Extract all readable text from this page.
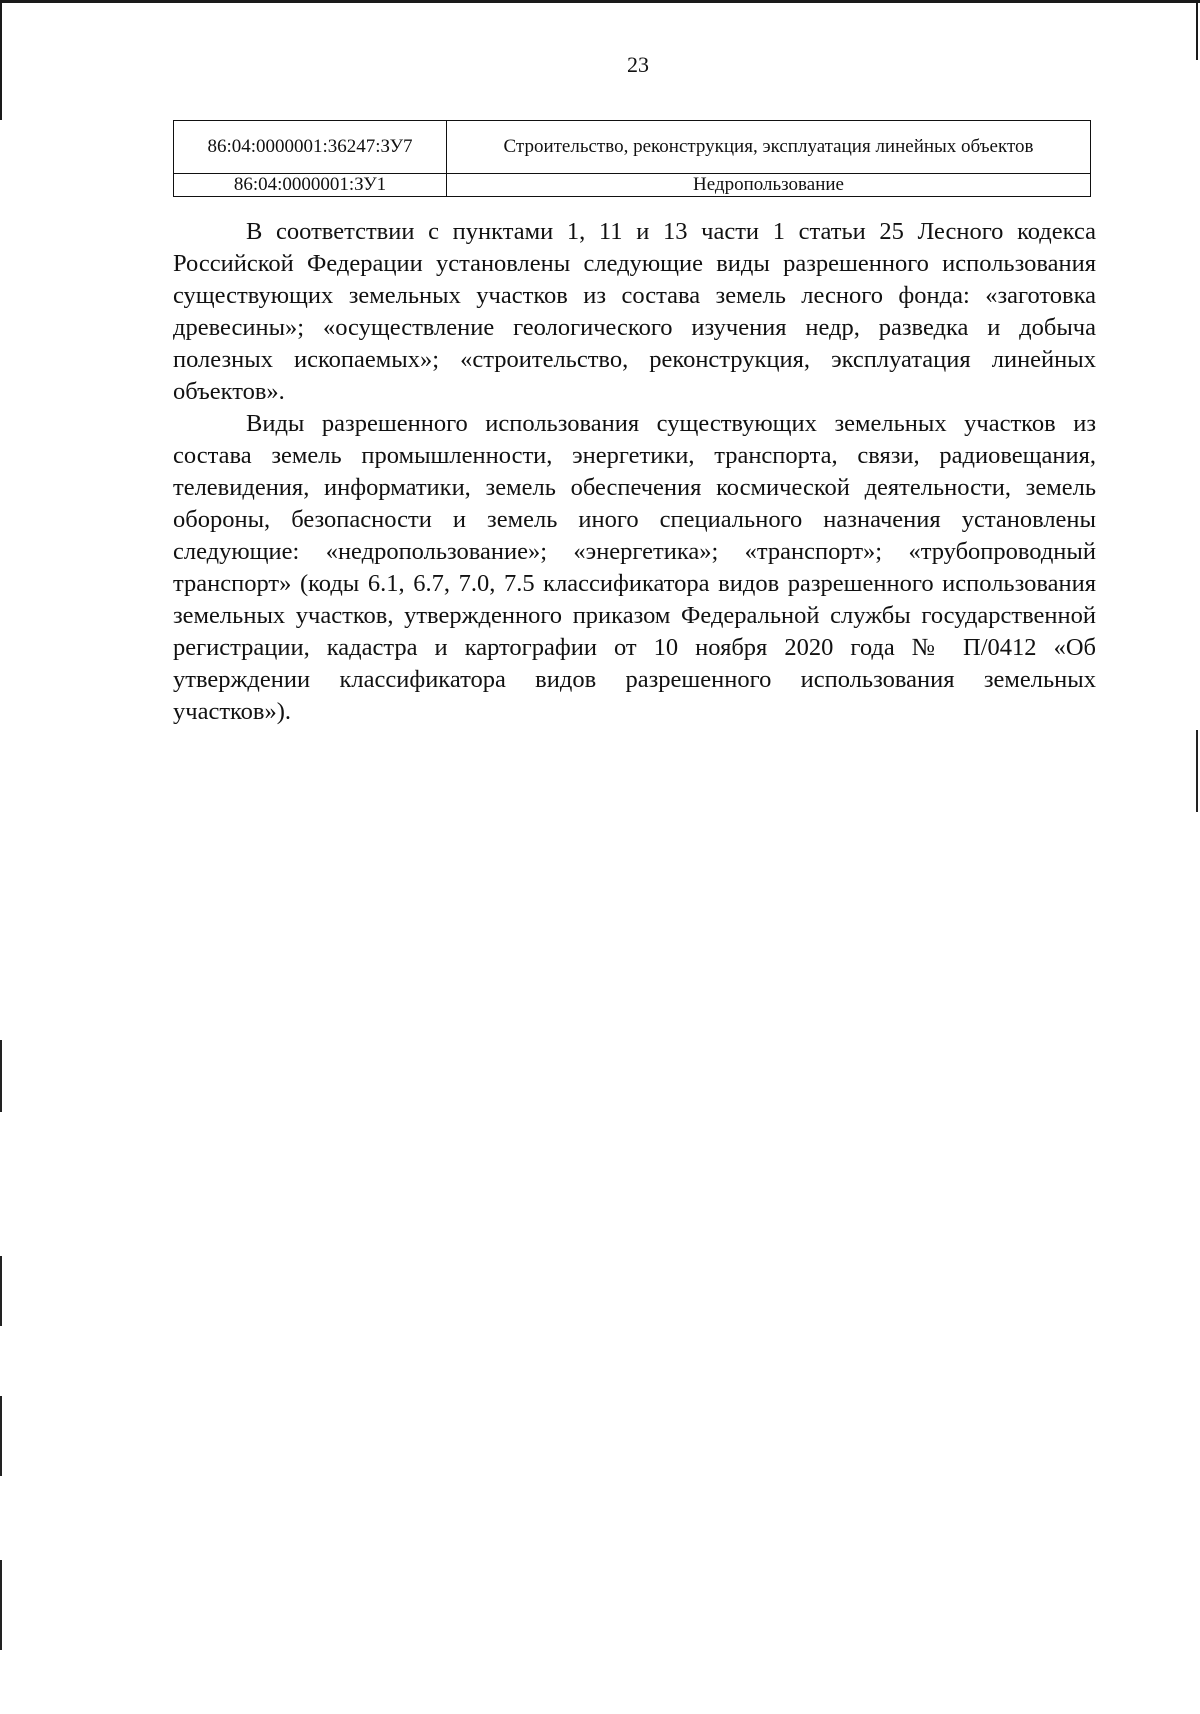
23
86:04:0000001:36247:ЗУ7	Строительство, реконструкция, эксплуатация линейных объектов
86:04:0000001:ЗУ1	Недропользование

В соответствии с пунктами 1, 11 и 13 части 1 статьи 25 Лесного кодекса Российской Федерации установлены следующие виды разрешенного использования существующих земельных участков из состава земель лесного фонда: «заготовка древесины»; «осуществление геологического изучения недр, разведка и добыча полезных ископаемых»; «строительство, реконструкция, эксплуатация линейных объектов».

Виды разрешенного использования существующих земельных участков из состава земель промышленности, энергетики, транспорта, связи, радиовещания, телевидения, информатики, земель обеспечения космической деятельности, земель обороны, безопасности и земель иного специального назначения установлены следующие: «недропользование»; «энергетика»; «транспорт»; «трубопроводный транспорт» (коды 6.1, 6.7, 7.0, 7.5 классификатора видов разрешенного использования земельных участков, утвержденного приказом Федеральной службы государственной регистрации, кадастра и картографии от 10 ноября 2020 года № П/0412 «Об утверждении классификатора видов разрешенного использования земельных участков»).
